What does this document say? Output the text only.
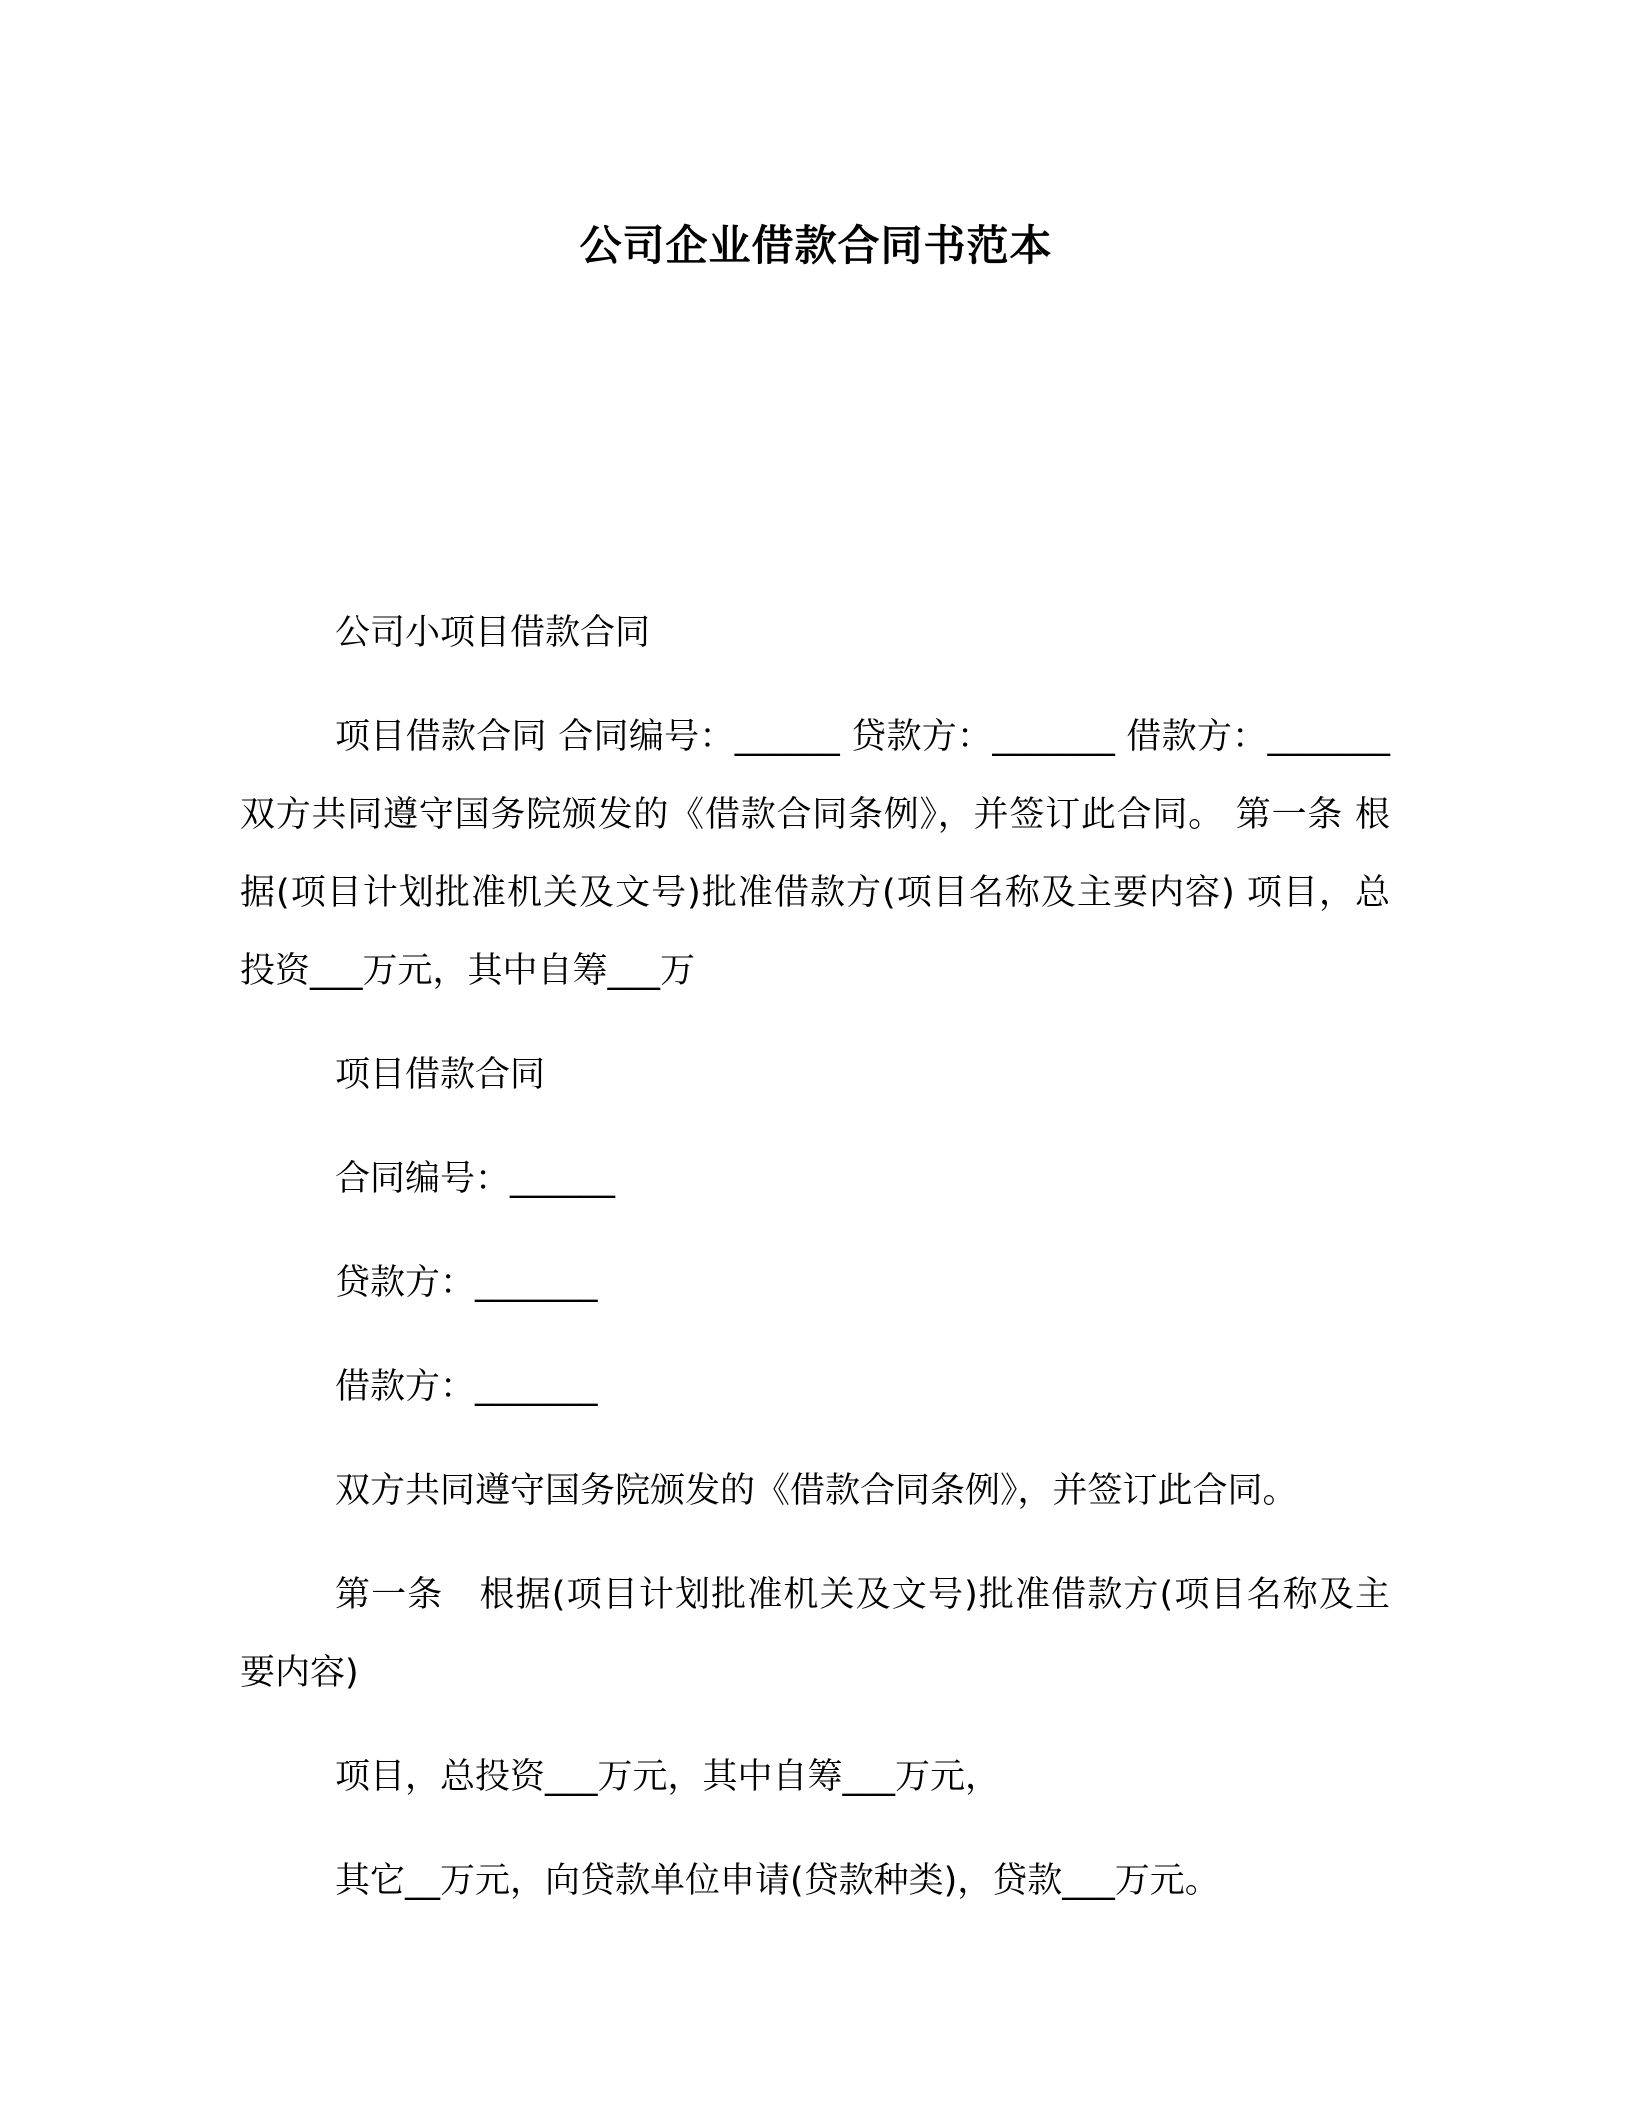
公司企业借款合同书范本

公司小项目借款合同

项目借款合同 合同编号：______ 贷款方：_______ 借款方：_______ 双方共同遵守国务院颁发的《借款合同条例》，并签订此合同。 第一条 根据(项目计划批准机关及文号)批准借款方(项目名称及主要内容) 项目，总投资___万元，其中自筹___万

项目借款合同

合同编号：______

贷款方：_______

借款方：_______

双方共同遵守国务院颁发的《借款合同条例》，并签订此合同。

第一条　根据(项目计划批准机关及文号)批准借款方(项目名称及主要内容)

项目，总投资___万元，其中自筹___万元，

其它__万元，向贷款单位申请(贷款种类)，贷款___万元。
